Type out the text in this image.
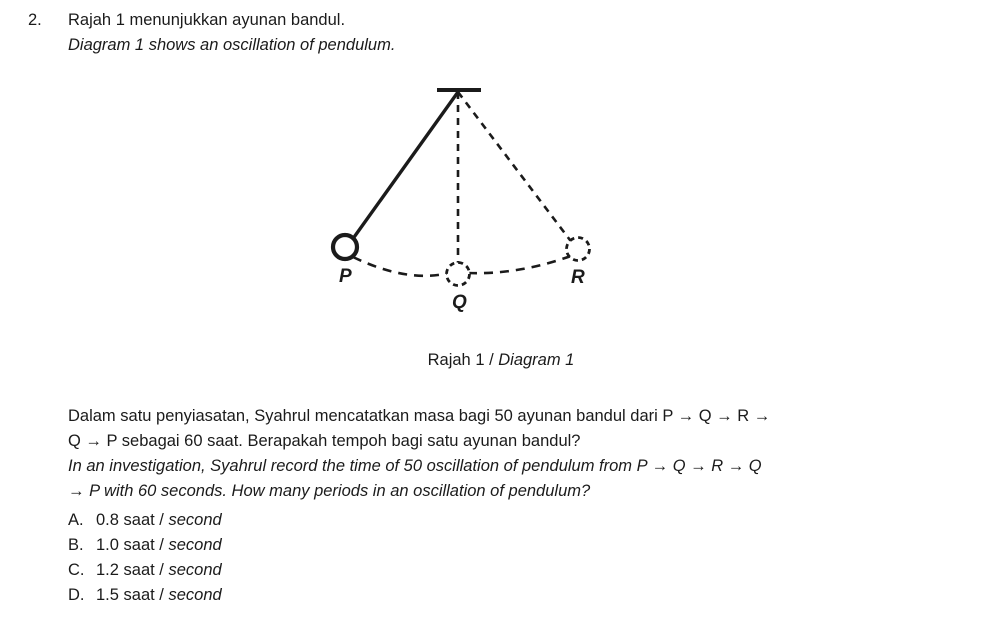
2.	Rajah 1 menunjukkan ayunan bandul.
Diagram 1 shows an oscillation of pendulum.
P
Q
R
Rajah 1 / Diagram 1
Dalam satu penyiasatan, Syahrul mencatatkan masa bagi 50 ayunan bandul dari P → Q → R →
Q → P sebagai 60 saat. Berapakah tempoh bagi satu ayunan bandul?
In an investigation, Syahrul record the time of 50 oscillation of pendulum from P → Q → R → Q
→ P with 60 seconds. How many periods in an oscillation of pendulum?
A. 0.8 saat / second
B. 1.0 saat / second
C. 1.2 saat / second
D. 1.5 saat / second
